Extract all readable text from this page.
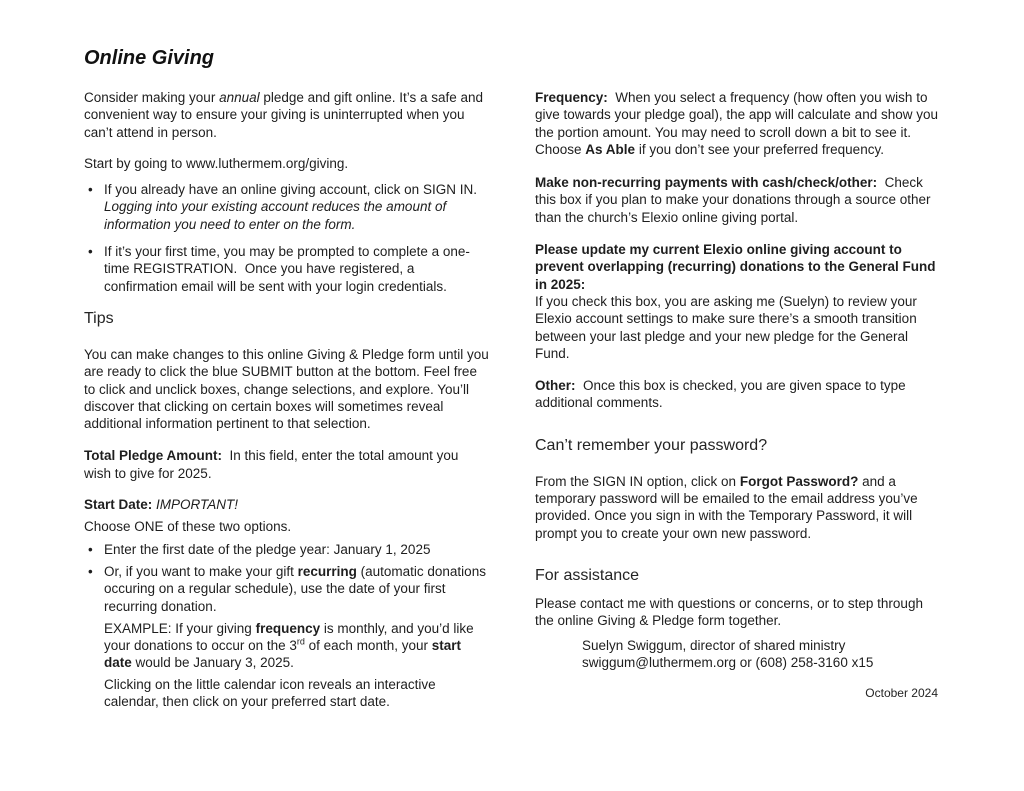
Online Giving

Consider making your annual pledge and gift online. It’s a safe and convenient way to ensure your giving is uninterrupted when you can’t attend in person.

Start by going to www.luthermem.org/giving.

• If you already have an online giving account, click on SIGN IN. Logging into your existing account reduces the amount of information you need to enter on the form.
• If it’s your first time, you may be prompted to complete a one-time REGISTRATION.  Once you have registered, a confirmation email will be sent with your login credentials.
Tips

You can make changes to this online Giving & Pledge form until you are ready to click the blue SUBMIT button at the bottom. Feel free to click and unclick boxes, change selections, and explore. You’ll discover that clicking on certain boxes will sometimes reveal additional information pertinent to that selection.

Total Pledge Amount:  In this field, enter the total amount you wish to give for 2025.

Start Date: IMPORTANT!

Choose ONE of these two options.

• Enter the first date of the pledge year: January 1, 2025
• Or, if you want to make your gift recurring (automatic donations occuring on a regular schedule), use the date of your first recurring donation.

EXAMPLE: If your giving frequency is monthly, and you’d like your donations to occur on the 3rd of each month, your start date would be January 3, 2025.

Clicking on the little calendar icon reveals an interactive calendar, then click on your preferred start date.

Frequency:  When you select a frequency (how often you wish to give towards your pledge goal), the app will calculate and show you the portion amount. You may need to scroll down a bit to see it. Choose As Able if you don’t see your preferred frequency.

Make non-recurring payments with cash/check/other:  Check this box if you plan to make your donations through a source other than the church’s Elexio online giving portal.

Please update my current Elexio online giving account to prevent overlapping (recurring) donations to the General Fund in 2025:
If you check this box, you are asking me (Suelyn) to review your Elexio account settings to make sure there’s a smooth transition between your last pledge and your new pledge for the General Fund.

Other:  Once this box is checked, you are given space to type additional comments.

Can’t remember your password?

From the SIGN IN option, click on Forgot Password? and a temporary password will be emailed to the email address you’ve provided. Once you sign in with the Temporary Password, it will prompt you to create your own new password.

For assistance

Please contact me with questions or concerns, or to step through the online Giving & Pledge form together.

Suelyn Swiggum, director of shared ministry
swiggum@luthermem.org or (608) 258-3160 x15
October 2024
